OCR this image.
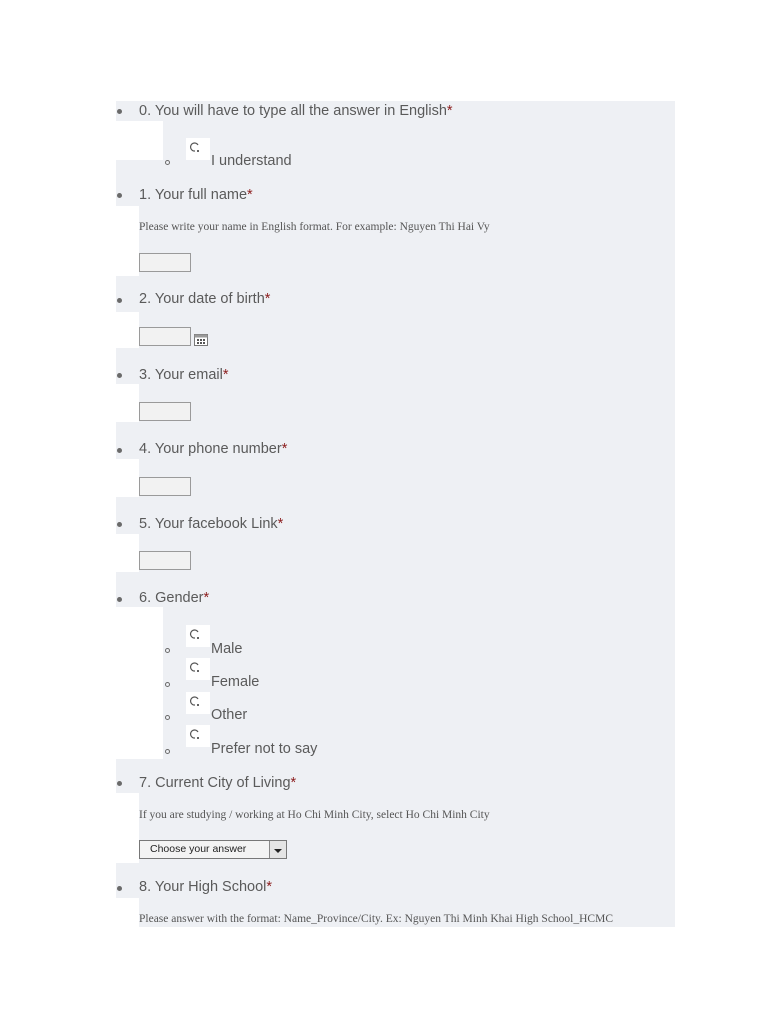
0. You will have to type all the answer in English*
I understand
1. Your full name*
Please write your name in English format. For example: Nguyen Thi Hai Vy
2. Your date of birth*
3. Your email*
4. Your phone number*
5. Your facebook Link*
6. Gender*
Male
Female
Other
Prefer not to say
7. Current City of Living*
If you are studying / working at Ho Chi Minh City, select Ho Chi Minh City
Choose your answer
8. Your High School*
Please answer with the format: Name_Province/City. Ex: Nguyen Thi Minh Khai High School_HCMC
